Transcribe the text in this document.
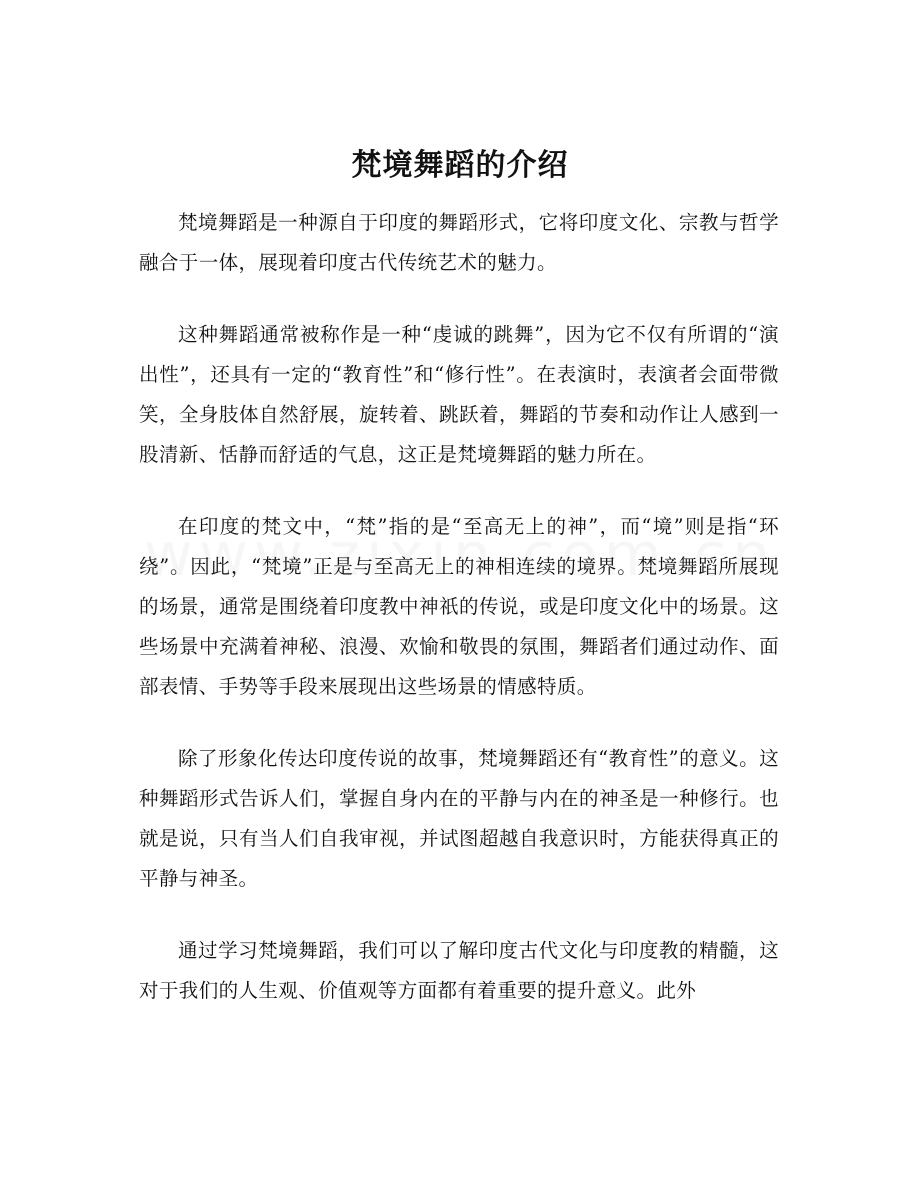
梵境舞蹈的介绍

梵境舞蹈是一种源自于印度的舞蹈形式，它将印度文化、宗教与哲学融合于一体，展现着印度古代传统艺术的魅力。

这种舞蹈通常被称作是一种“虔诚的跳舞”，因为它不仅有所谓的“演出性”，还具有一定的“教育性”和“修行性”。在表演时，表演者会面带微笑，全身肢体自然舒展，旋转着、跳跃着，舞蹈的节奏和动作让人感到一股清新、恬静而舒适的气息，这正是梵境舞蹈的魅力所在。

在印度的梵文中，“梵”指的是“至高无上的神”，而“境”则是指“环绕”。因此，“梵境”正是与至高无上的神相连续的境界。梵境舞蹈所展现的场景，通常是围绕着印度教中神祇的传说，或是印度文化中的场景。这些场景中充满着神秘、浪漫、欢愉和敬畏的氛围，舞蹈者们通过动作、面部表情、手势等手段来展现出这些场景的情感特质。

除了形象化传达印度传说的故事，梵境舞蹈还有“教育性”的意义。这种舞蹈形式告诉人们，掌握自身内在的平静与内在的神圣是一种修行。也就是说，只有当人们自我审视，并试图超越自我意识时，方能获得真正的平静与神圣。

通过学习梵境舞蹈，我们可以了解印度古代文化与印度教的精髓，这对于我们的人生观、价值观等方面都有着重要的提升意义。此外
